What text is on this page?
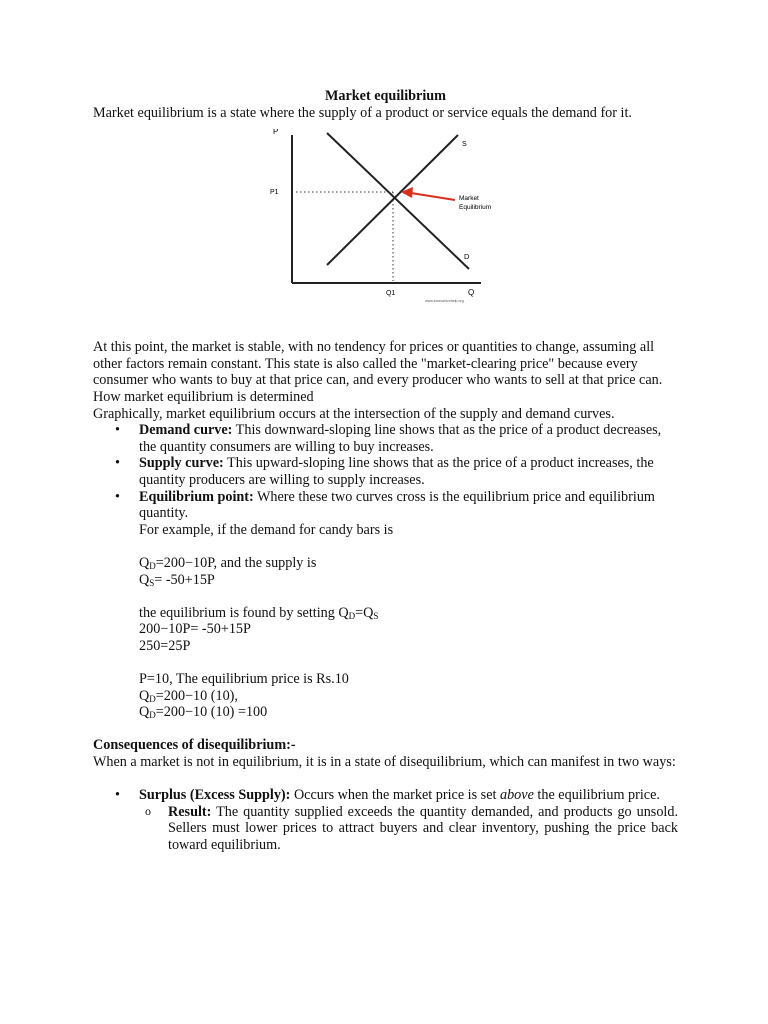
Market equilibrium

Market equilibrium is a state where the supply of a product or service equals the demand for it.

P
Q
P1
Q1
S
D
Market
Equilibrium
www.economicshelp.org

At this point, the market is stable, with no tendency for prices or quantities to change, assuming all other factors remain constant. This state is also called the "market-clearing price" because every consumer who wants to buy at that price can, and every producer who wants to sell at that price can.

How market equilibrium is determined

Graphically, market equilibrium occurs at the intersection of the supply and demand curves.

• Demand curve: This downward-sloping line shows that as the price of a product decreases, the quantity consumers are willing to buy increases.
• Supply curve: This upward-sloping line shows that as the price of a product increases, the quantity producers are willing to supply increases.
• Equilibrium point: Where these two curves cross is the equilibrium price and equilibrium quantity.

For example, if the demand for candy bars is

$Q_D=200-10P$, and the supply is

$Q_S= -50+15P$

the equilibrium is found by setting $Q_D=Q_S$

200−10P= -50+15P

250=25P

P=10, The equilibrium price is Rs.10

$Q_D=200-10$ (10),

$Q_D=200-10$ (10) =100

Consequences of disequilibrium:-

When a market is not in equilibrium, it is in a state of disequilibrium, which can manifest in two ways:

• Surplus (Excess Supply): Occurs when the market price is set above the equilibrium price.
o Result: The quantity supplied exceeds the quantity demanded, and products go unsold. Sellers must lower prices to attract buyers and clear inventory, pushing the price back toward equilibrium.
